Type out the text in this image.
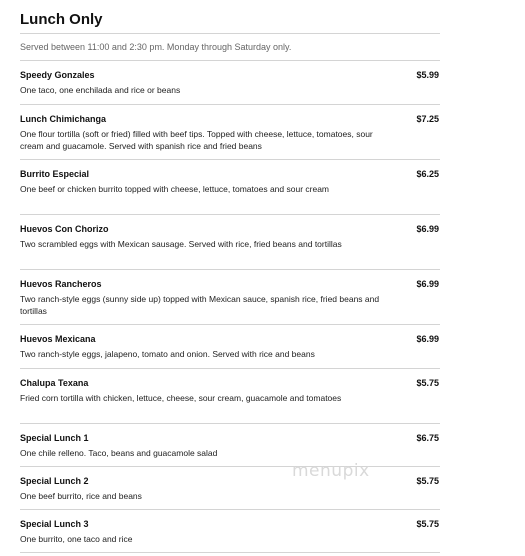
Lunch Only
Served between 11:00 and 2:30 pm. Monday through Saturday only.
Speedy Gonzales	$5.99
One taco, one enchilada and rice or beans
Lunch Chimichanga	$7.25
One flour tortilla (soft or fried) filled with beef tips. Topped with cheese, lettuce, tomatoes, sour cream and guacamole. Served with spanish rice and fried beans
Burrito Especial	$6.25
One beef or chicken burrito topped with cheese, lettuce, tomatoes and sour cream
Huevos Con Chorizo	$6.99
Two scrambled eggs with Mexican sausage. Served with rice, fried beans and tortillas
Huevos Rancheros	$6.99
Two ranch-style eggs (sunny side up) topped with Mexican sauce, spanish rice, fried beans and tortillas
Huevos Mexicana	$6.99
Two ranch-style eggs, jalapeno, tomato and onion. Served with rice and beans
Chalupa Texana	$5.75
Fried corn tortilla with chicken, lettuce, cheese, sour cream, guacamole and tomatoes
Special Lunch 1	$6.75
One chile relleno. Taco, beans and guacamole salad
Special Lunch 2	$5.75
One beef burrito, rice and beans
Special Lunch 3	$5.75
One burrito, one taco and rice
menupix
